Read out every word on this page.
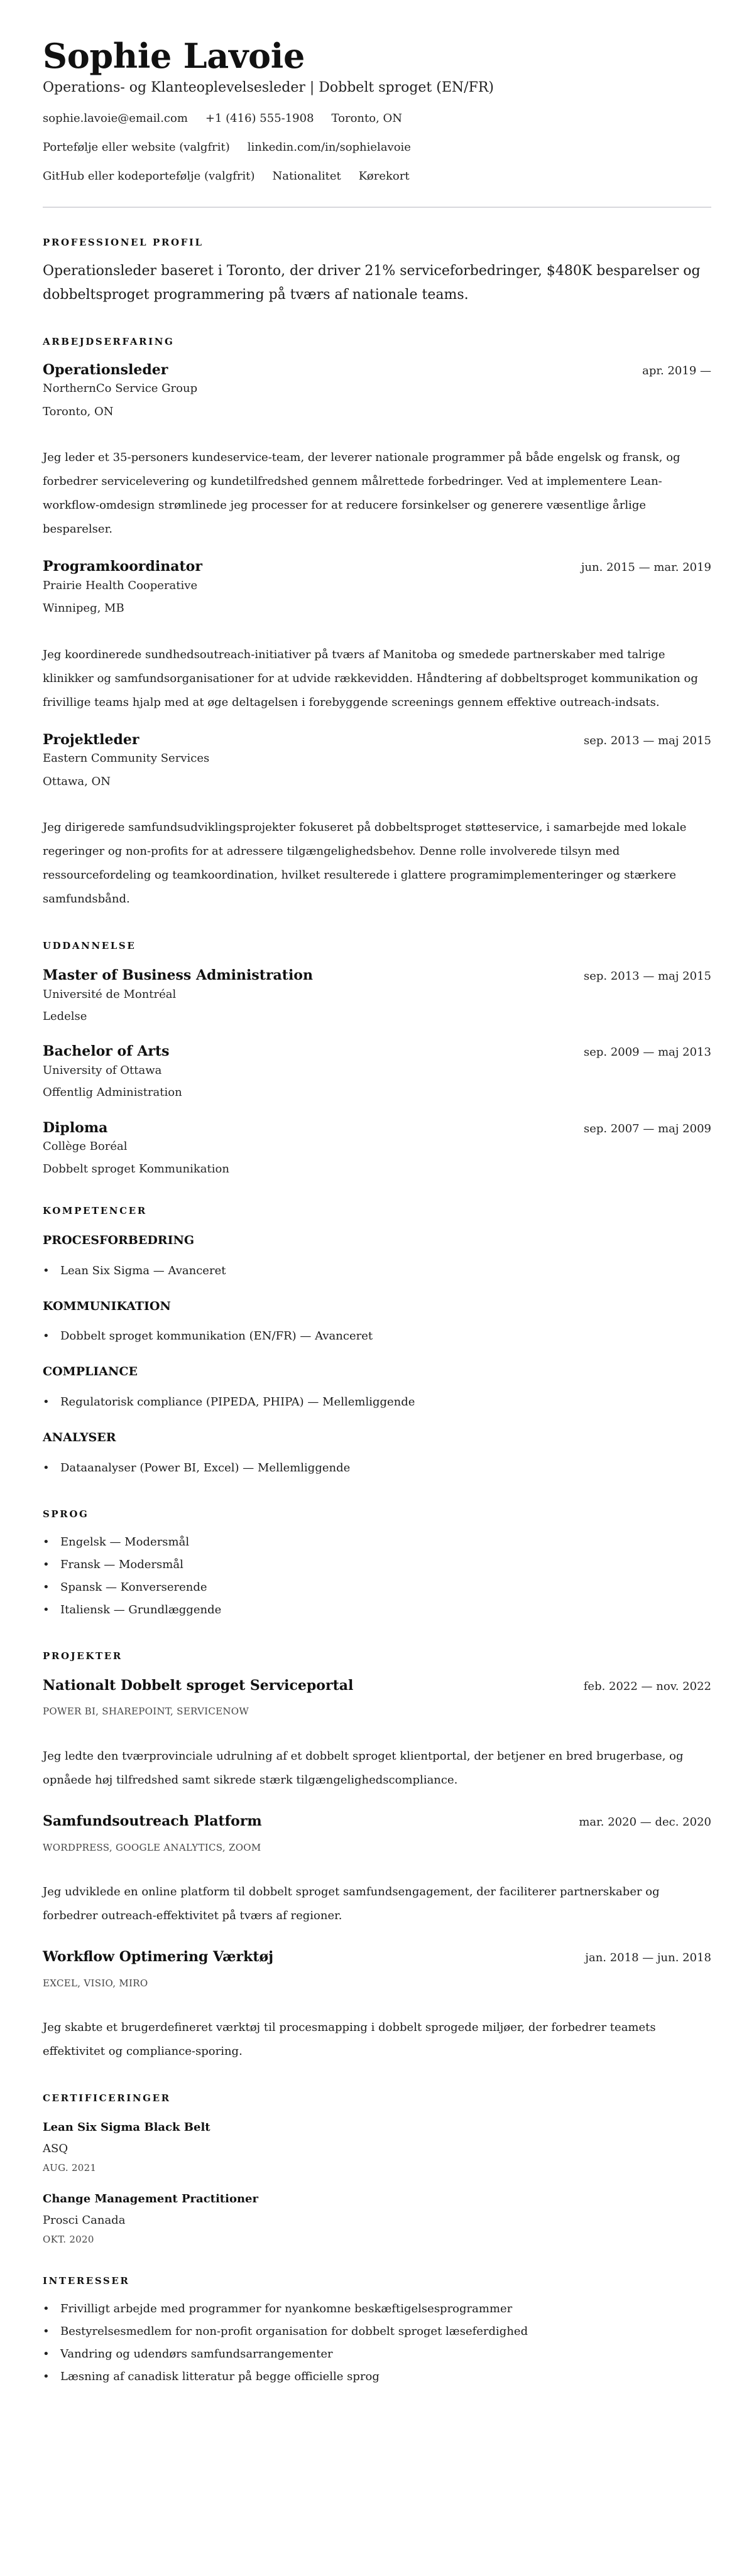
Sophie Lavoie
Operations- og Klanteoplevelsesleder | Dobbelt sproget (EN/FR)
sophie.lavoie@email.com +1 (416) 555-1908 Toronto, ON
Portefølje eller website (valgfrit) linkedin.com/in/sophielavoie
GitHub eller kodeportefølje (valgfrit) Nationalitet Kørekort
PROFESSIONEL PROFIL

Operationsleder baseret i Toronto, der driver 21% serviceforbedringer, $480K besparelser og dobbeltsproget programmering på tværs af nationale teams.

ARBEJDSERFARING
Operationsleder	apr. 2019 —
NorthernCo Service Group
Toronto, ON

Jeg leder et 35-personers kundeservice-team, der leverer nationale programmer på både engelsk og fransk, og forbedrer servicelevering og kundetilfredshed gennem målrettede forbedringer. Ved at implementere Lean-workflow-omdesign strømlinede jeg processer for at reducere forsinkelser og generere væsentlige årlige besparelser.

Programkoordinator	jun. 2015 — mar. 2019
Prairie Health Cooperative
Winnipeg, MB

Jeg koordinerede sundhedsoutreach-initiativer på tværs af Manitoba og smedede partnerskaber med talrige klinikker og samfundsorganisationer for at udvide rækkevidden. Håndtering af dobbeltsproget kommunikation og frivillige teams hjalp med at øge deltagelsen i forebyggende screenings gennem effektive outreach-indsats.

Projektleder	sep. 2013 — maj 2015
Eastern Community Services
Ottawa, ON

Jeg dirigerede samfundsudviklingsprojekter fokuseret på dobbeltsproget støtteservice, i samarbejde med lokale regeringer og non-profits for at adressere tilgængelighedsbehov. Denne rolle involverede tilsyn med ressourcefordeling og teamkoordination, hvilket resulterede i glattere programimplementeringer og stærkere samfundsbånd.

UDDANNELSE
Master of Business Administration	sep. 2013 — maj 2015
Université de Montréal
Ledelse
Bachelor of Arts	sep. 2009 — maj 2013
University of Ottawa
Offentlig Administration
Diploma	sep. 2007 — maj 2009
Collège Boréal
Dobbelt sproget Kommunikation
KOMPETENCER
PROCESFORBEDRING
• Lean Six Sigma — Avanceret
KOMMUNIKATION
• Dobbelt sproget kommunikation (EN/FR) — Avanceret
COMPLIANCE
• Regulatorisk compliance (PIPEDA, PHIPA) — Mellemliggende
ANALYSER
• Dataanalyser (Power BI, Excel) — Mellemliggende
SPROG
• Engelsk — Modersmål
• Fransk — Modersmål
• Spansk — Konverserende
• Italiensk — Grundlæggende
PROJEKTER
Nationalt Dobbelt sproget Serviceportal	feb. 2022 — nov. 2022
POWER BI, SHAREPOINT, SERVICENOW

Jeg ledte den tværprovinciale udrulning af et dobbelt sproget klientportal, der betjener en bred brugerbase, og opnåede høj tilfredshed samt sikrede stærk tilgængelighedscompliance.

Samfundsoutreach Platform	mar. 2020 — dec. 2020
WORDPRESS, GOOGLE ANALYTICS, ZOOM

Jeg udviklede en online platform til dobbelt sproget samfundsengagement, der faciliterer partnerskaber og forbedrer outreach-effektivitet på tværs af regioner.

Workflow Optimering Værktøj	jan. 2018 — jun. 2018
EXCEL, VISIO, MIRO

Jeg skabte et brugerdefineret værktøj til procesmapping i dobbelt sprogede miljøer, der forbedrer teamets effektivitet og compliance-sporing.

CERTIFICERINGER
Lean Six Sigma Black Belt
ASQ
AUG. 2021
Change Management Practitioner
Prosci Canada
OKT. 2020
INTERESSER
• Frivilligt arbejde med programmer for nyankomne beskæftigelsesprogrammer
• Bestyrelsesmedlem for non-profit organisation for dobbelt sproget læseferdighed
• Vandring og udendørs samfundsarrangementer
• Læsning af canadisk litteratur på begge officielle sprog
